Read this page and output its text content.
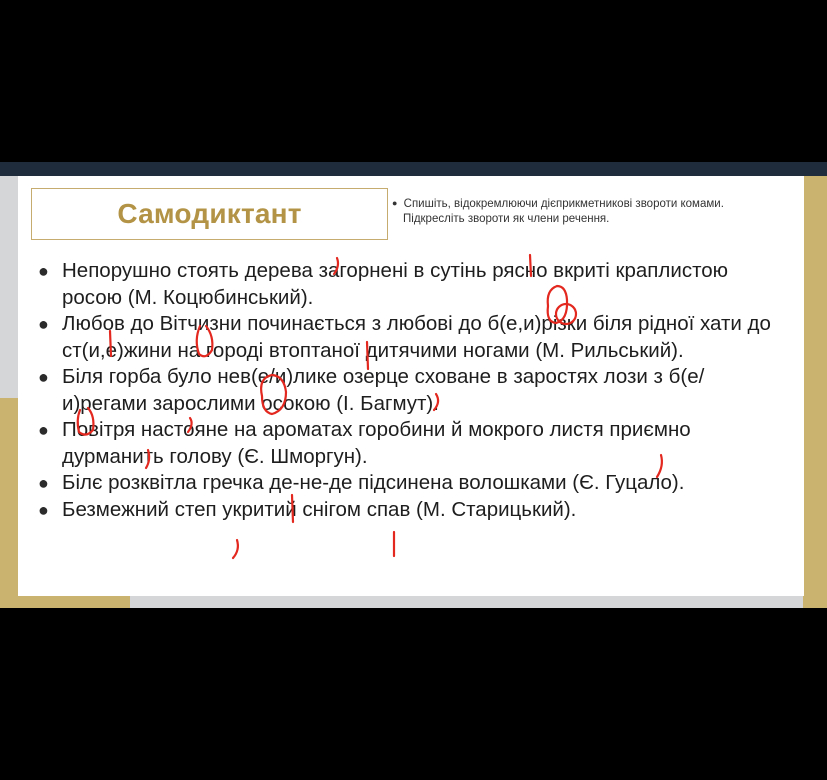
Самодиктант	● Спишіть, відокремлюючи дієприкметникові звороти комами.
Підкресліть звороти як члени речення.
● Непорушно стоять дерева загорнені в сутінь рясно вкриті краплистою росою (М. Коцюбинський).
● Любов до Вітчизни починається з любові до б(е,и)різки біля рідної хати до ст(и,е)жини на городі втоптаної дитячими ногами (М. Рильський).
● Біля горба було нев(е/и)лике озерце сховане в заростях лози з б(е/и)регами зарослими осокою (І. Багмут).
● Повітря настояне на ароматах горобини й мокрого листя приємно дурманить голову (Є. Шморгун).
● Білє розквітла гречка де-не-де підсинена волошками (Є. Гуцало).
● Безмежний степ укритий снігом спав (М. Старицький).
